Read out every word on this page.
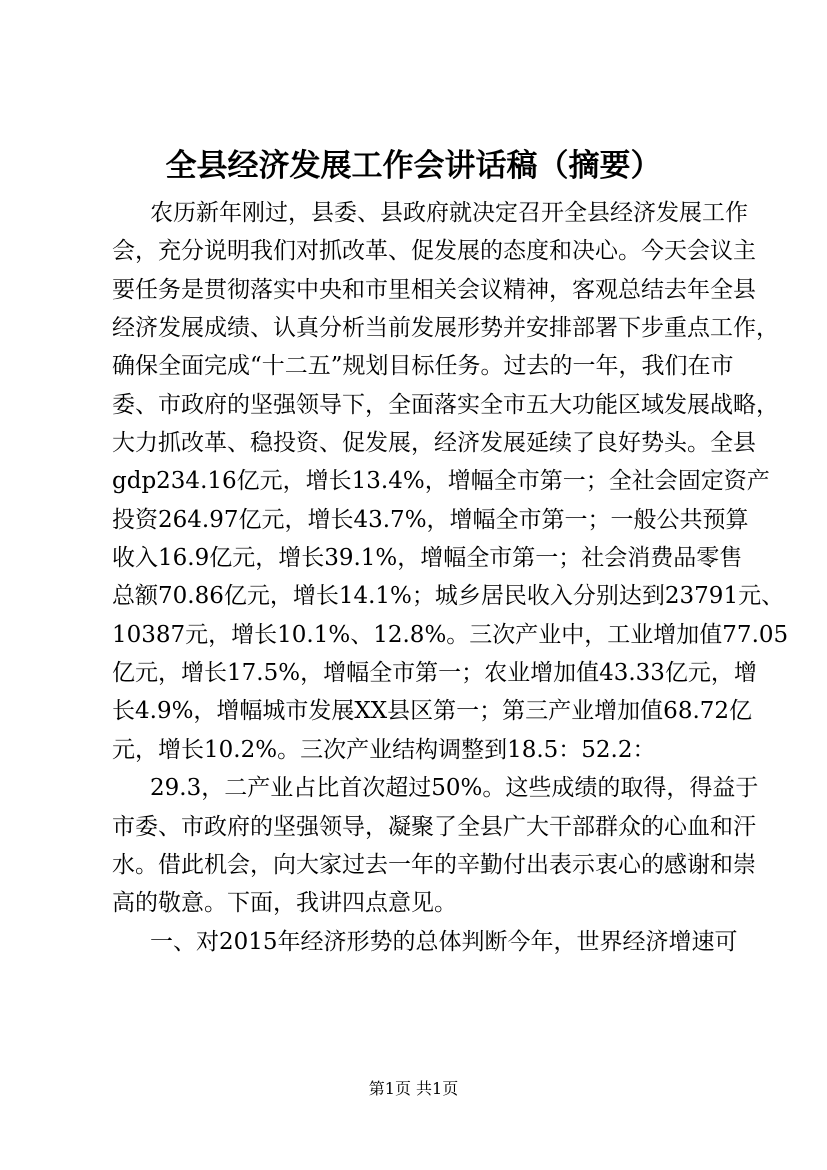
全县经济发展工作会讲话稿（摘要）
农历新年刚过，县委、县政府就决定召开全县经济发展工作
会，充分说明我们对抓改革、促发展的态度和决心。今天会议主
要任务是贯彻落实中央和市里相关会议精神，客观总结去年全县
经济发展成绩、认真分析当前发展形势并安排部署下步重点工作，
确保全面完成“十二五”规划目标任务。过去的一年，我们在市
委、市政府的坚强领导下，全面落实全市五大功能区域发展战略，
大力抓改革、稳投资、促发展，经济发展延续了良好势头。全县
gdp234.16亿元，增长13.4%，增幅全市第一；全社会固定资产
投资264.97亿元，增长43.7%，增幅全市第一；一般公共预算
收入16.9亿元，增长39.1%，增幅全市第一；社会消费品零售
总额70.86亿元，增长14.1%；城乡居民收入分别达到23791元、
10387元，增长10.1%、12.8%。三次产业中，工业增加值77.05
亿元，增长17.5%，增幅全市第一；农业增加值43.33亿元，增
长4.9%，增幅城市发展XX县区第一；第三产业增加值68.72亿
元，增长10.2%。三次产业结构调整到18.5：52.2：
29.3，二产业占比首次超过50%。这些成绩的取得，得益于
市委、市政府的坚强领导，凝聚了全县广大干部群众的心血和汗
水。借此机会，向大家过去一年的辛勤付出表示衷心的感谢和崇
高的敬意。下面，我讲四点意见。
一、对2015年经济形势的总体判断今年，世界经济增速可
第1页 共1页
